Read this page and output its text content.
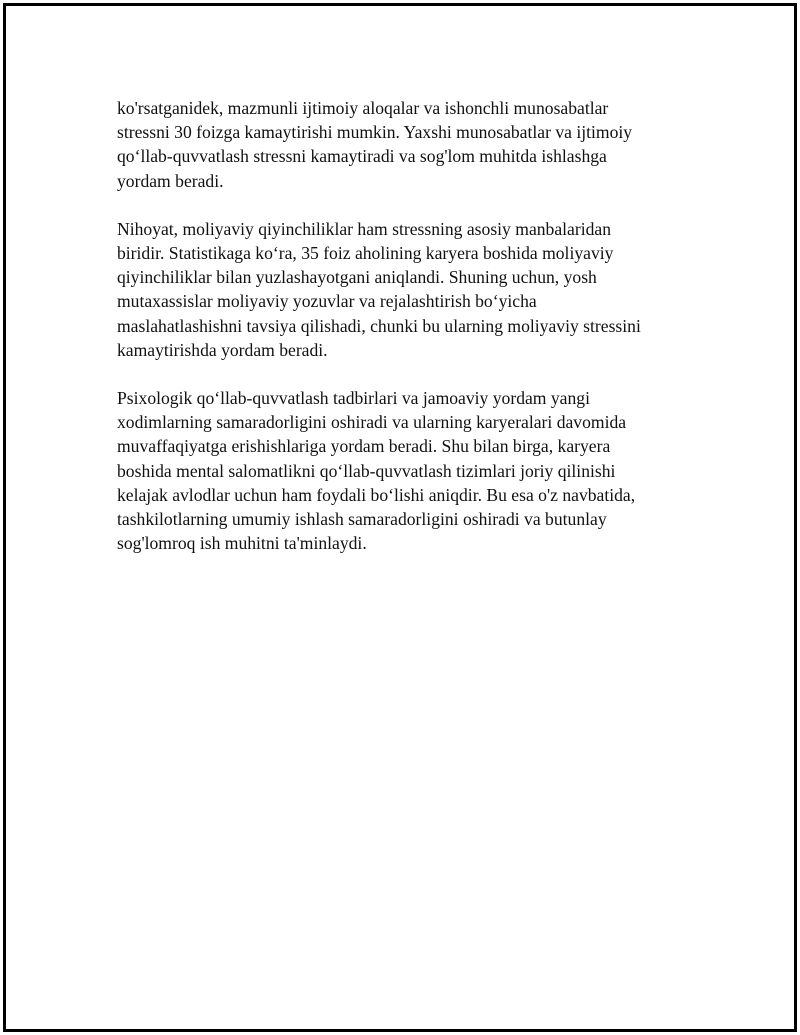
ko'rsatganidek, mazmunli ijtimoiy aloqalar va ishonchli munosabatlar
stressni 30 foizga kamaytirishi mumkin. Yaxshi munosabatlar va ijtimoiy
qo‘llab-quvvatlash stressni kamaytiradi va sog'lom muhitda ishlashga
yordam beradi.

Nihoyat, moliyaviy qiyinchiliklar ham stressning asosiy manbalaridan
biridir. Statistikaga ko‘ra, 35 foiz aholining karyera boshida moliyaviy
qiyinchiliklar bilan yuzlashayotgani aniqlandi. Shuning uchun, yosh
mutaxassislar moliyaviy yozuvlar va rejalashtirish bo‘yicha
maslahatlashishni tavsiya qilishadi, chunki bu ularning moliyaviy stressini
kamaytirishda yordam beradi.

Psixologik qo‘llab-quvvatlash tadbirlari va jamoaviy yordam yangi
xodimlarning samaradorligini oshiradi va ularning karyeralari davomida
muvaffaqiyatga erishishlariga yordam beradi. Shu bilan birga, karyera
boshida mental salomatlikni qo‘llab-quvvatlash tizimlari joriy qilinishi
kelajak avlodlar uchun ham foydali bo‘lishi aniqdir. Bu esa o'z navbatida,
tashkilotlarning umumiy ishlash samaradorligini oshiradi va butunlay
sog'lomroq ish muhitni ta'minlaydi.
